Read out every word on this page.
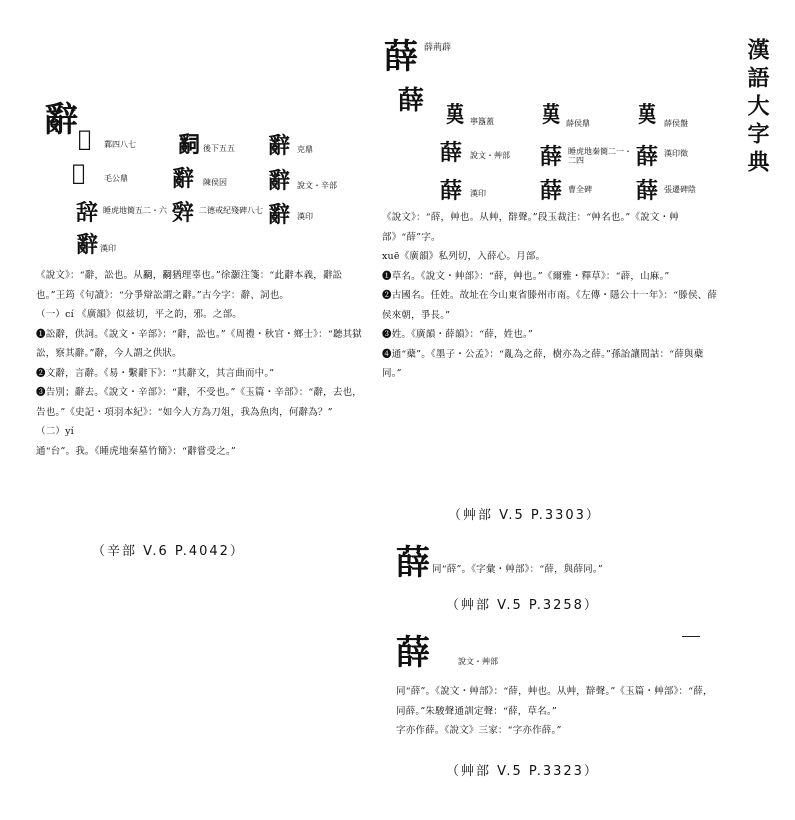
漢語大字典
辭 𨐲 鄴四八七 𤔲 後下五五 辭 克鼎
𨐲 毛公鼎 辭 陳侯因 辭 說文・辛部
辞 睡虎地簡五二・六 辤 二德戒紀殘碑八七 辭 漢印
辭 漢印
《說文》：“辭，訟也。从𤔲，𤔲猶理辜也。”徐灝注箋：“此辭本義，辭訟也。”王筠《句讀》：“分爭辯訟謂之辭。”古今字：辭、詞也。
（一）cí 《廣韻》似兹切，平之韵，邪。之部。
❶訟辭，供詞。《說文・辛部》：“辭，訟也。”《周禮・秋官・鄉士》：“聽其獄訟，察其辭。”辭，今人謂之供狀。
❷文辭，言辭。《易・繫辭下》：“其辭文，其言曲而中。”
❸告別；辭去。《說文・辛部》：“辭，不受也。”《玉篇・辛部》：“辭，去也，告也。”《史記・項羽本紀》：“如今人方為刀俎，我為魚肉，何辭為？”
（二）yí
通“台”。我。《睡虎地秦墓竹簡》：“辭嘗受之。”
（辛部 V.6 P.4042）
薛 薛荊薜
薛 𦰩 寧簋蓋 𦰩 薛侯鼎 𦰩 薛侯盤
薛 說文・艸部 薛 睡虎地秦簡二一・二四	薛 漢印徵
薛 漢印 薛 曹全碑 薛 張遷碑陰
《說文》：“薛，艸也。从艸，辥聲。”段玉裁注：“艸名也。”《說文・艸部》“薛”字。
xuē《廣韻》私列切，入薛心。月部。
❶草名。《說文・艸部》：“薛，艸也。”《爾雅・釋草》：“薜，山麻。”
❷古國名。任姓。故址在今山東省滕州市南。《左傳・隱公十一年》：“滕侯、薛侯來朝，爭長。”
❸姓。《廣韻・薛韻》：“薛，姓也。”
❹通“蘗”。《墨子・公孟》：“亂為之薛，樹亦為之薛。”孫詒讓間詁：“薛與蘗同。”
（艸部 V.5 P.3303）
薛 同“薛”。《字彙・艸部》：“薛，與薛同。”
（艸部 V.5 P.3258）
薛	說文・艸部
同“薛”。《說文・艸部》：“薛，艸也。从艸，辥聲。”《玉篇・艸部》：“薛，同薛。”朱駿聲通訓定聲：“薛，草名。”
字亦作薛。《說文》三家：“字亦作薛。”
（艸部 V.5 P.3323）
